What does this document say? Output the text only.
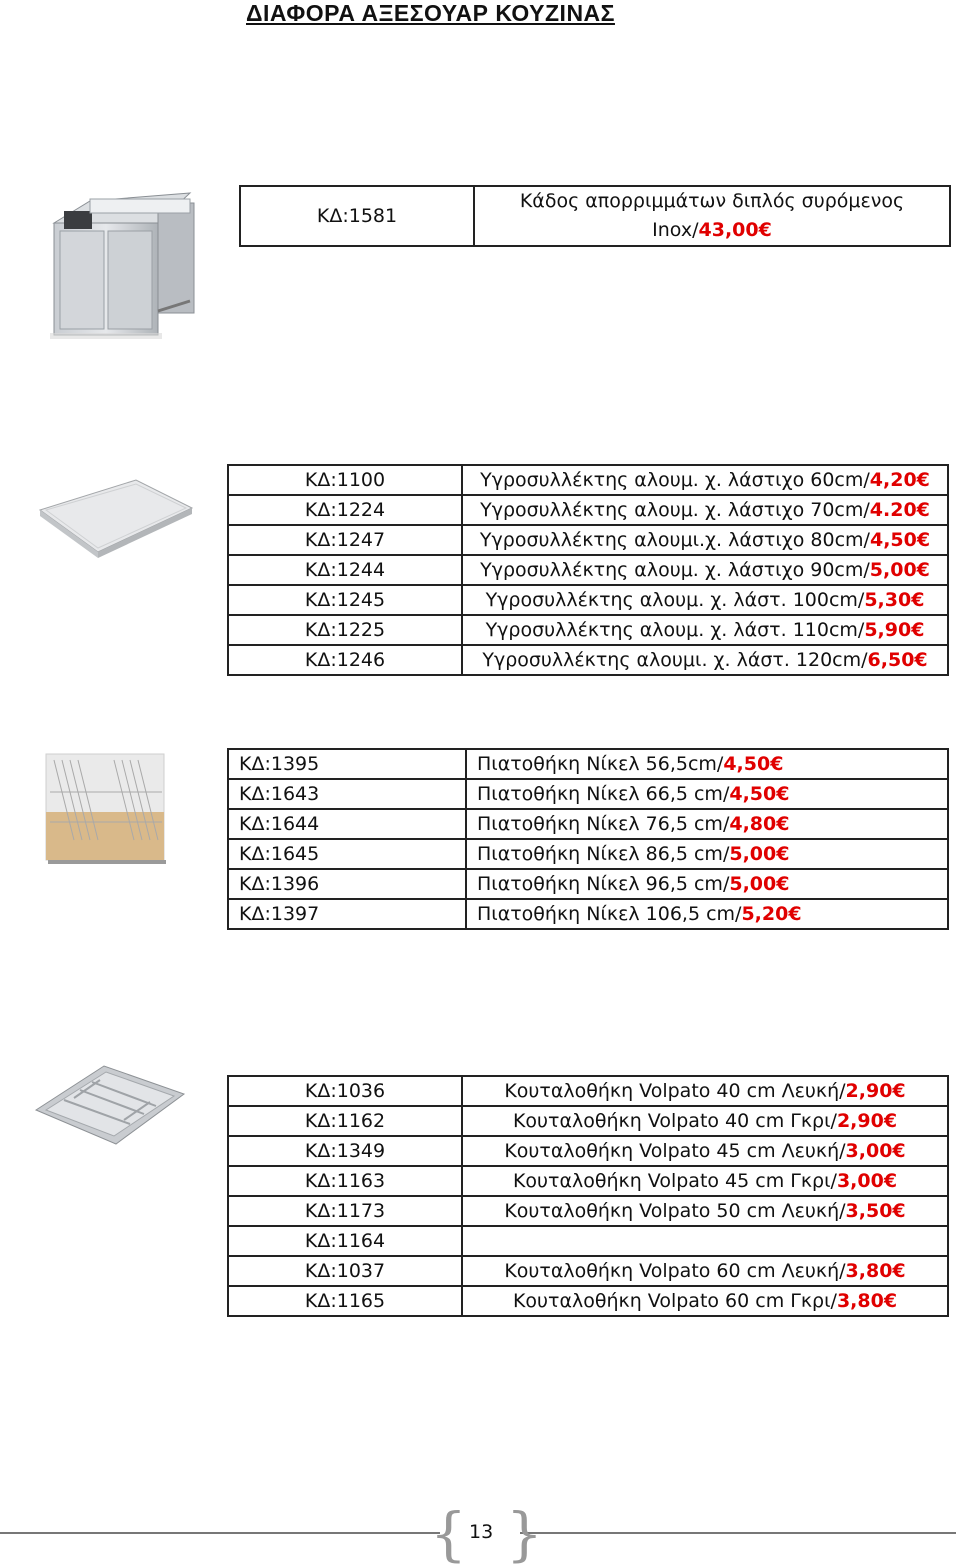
ΔΙΑΦΟΡΑ ΑΞΕΣΟΥΑΡ ΚΟΥΖΙΝΑΣ
ΚΔ:1581	Κάδος απορριμμάτων διπλός συρόμενος
Inox/43,00€
ΚΔ:1100	Υγροσυλλέκτης αλουμ. χ. λάστιχο 60cm/4,20€
ΚΔ:1224	Υγροσυλλέκτης αλουμ. χ. λάστιχο 70cm/4.20€
ΚΔ:1247	Υγροσυλλέκτης αλουμι.χ. λάστιχο 80cm/4,50€
ΚΔ:1244	Υγροσυλλέκτης αλουμ. χ. λάστιχο 90cm/5,00€
ΚΔ:1245	Υγροσυλλέκτης αλουμ. χ. λάστ. 100cm/5,30€
ΚΔ:1225	Υγροσυλλέκτης αλουμ. χ. λάστ. 110cm/5,90€
ΚΔ:1246	Υγροσυλλέκτης αλουμι. χ. λάστ. 120cm/6,50€
ΚΔ:1395	Πιατοθήκη Νίκελ 56,5cm/4,50€
ΚΔ:1643	Πιατοθήκη Νίκελ 66,5 cm/4,50€
ΚΔ:1644	Πιατοθήκη Νίκελ 76,5 cm/4,80€
ΚΔ:1645	Πιατοθήκη Νίκελ 86,5 cm/5,00€
ΚΔ:1396	Πιατοθήκη Νίκελ 96,5 cm/5,00€
ΚΔ:1397	Πιατοθήκη Νίκελ 106,5 cm/5,20€
ΚΔ:1036	Κουταλοθήκη Volpato 40 cm Λευκή/2,90€
ΚΔ:1162	Κουταλοθήκη Volpato 40 cm Γκρι/2,90€
ΚΔ:1349	Κουταλοθήκη Volpato 45 cm Λευκή/3,00€
ΚΔ:1163	Κουταλοθήκη Volpato 45 cm Γκρι/3,00€
ΚΔ:1173	Κουταλοθήκη Volpato 50 cm Λευκή/3,50€
ΚΔ:1164	
ΚΔ:1037	Κουταλοθήκη Volpato 60 cm Λευκή/3,80€
ΚΔ:1165	Κουταλοθήκη Volpato 60 cm Γκρι/3,80€
{ }
13
